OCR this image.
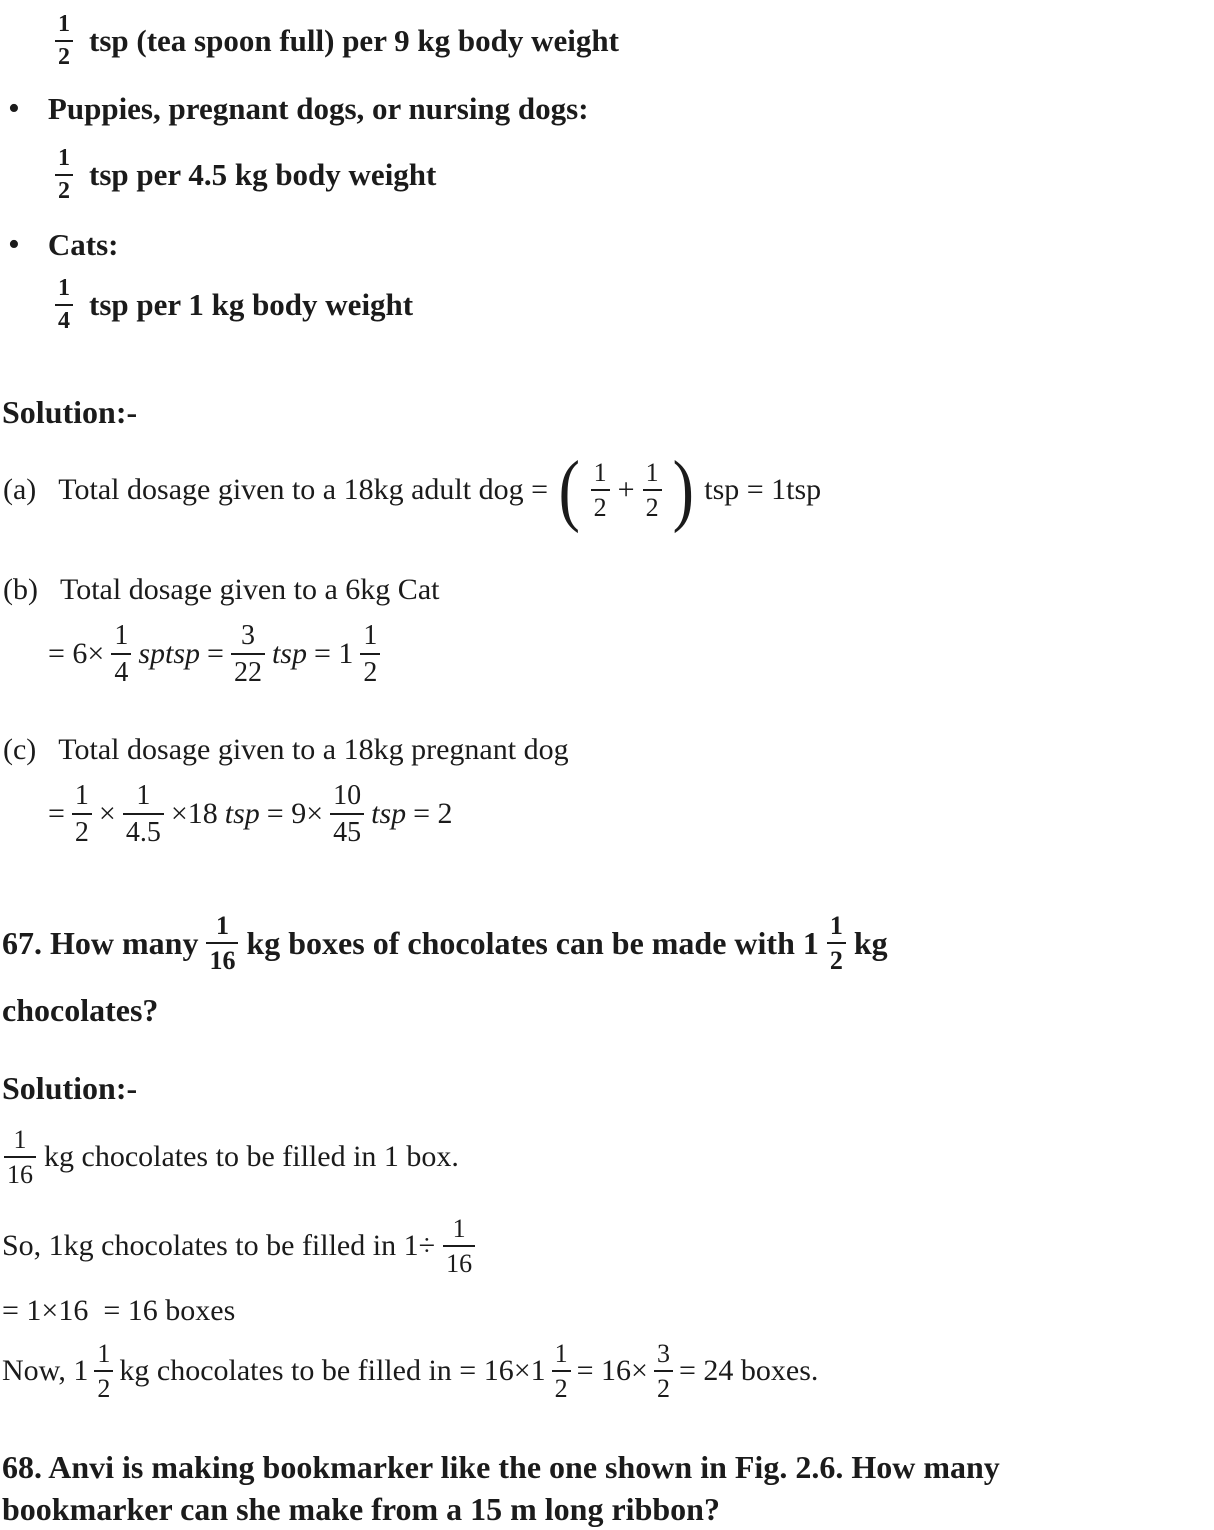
$\frac{1}{2}$ tsp (tea spoon full) per 9 kg body weight
• Puppies, pregnant dogs, or nursing dogs:
$\frac{1}{2}$ tsp per 4.5 kg body weight
• Cats:
$\frac{1}{4}$ tsp per 1 kg body weight
Solution:-
(a) Total dosage given to a 18kg adult dog = ( $\frac{1}{2} + \frac{1}{2}$ ) tsp = 1tsp
(b) Total dosage given to a 6kg Cat
= $6\times \frac{1}{4}$ sptsp = $\frac{3}{22}$ tsp = $1 \frac{1}{2}$
(c) Total dosage given to a 18kg pregnant dog
= $\frac{1}{2} \times \frac{1}{4.5} \times 18$ tsp = $9\times \frac{10}{45}$ tsp = 2
67. How many $\frac{1}{16}$ kg boxes of chocolates can be made with $1 \frac{1}{2}$ kg
chocolates?
Solution:-
$\frac{1}{16}$ kg chocolates to be filled in 1 box.
So, 1kg chocolates to be filled in $1\div \frac{1}{16}$
= 1×16  = 16 boxes
Now, $1 \frac{1}{2}$ kg chocolates to be filled in = $16\times 1 \frac{1}{2} = 16\times \frac{3}{2} = 24$ boxes.
68. Anvi is making bookmarker like the one shown in Fig. 2.6. How many
bookmarker can she make from a 15 m long ribbon?
